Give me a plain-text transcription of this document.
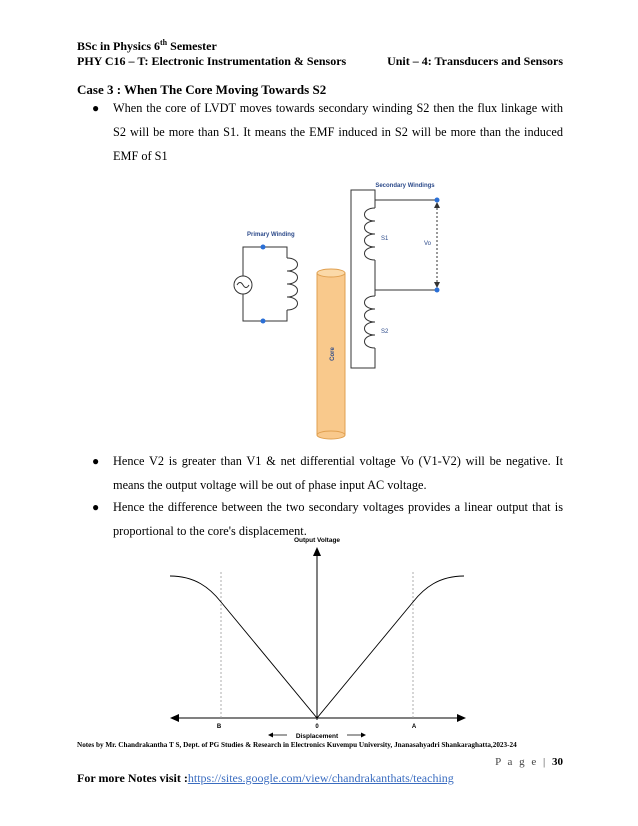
BSc in Physics 6th Semester
PHY C16 – T: Electronic Instrumentation & Sensors	Unit – 4: Transducers and Sensors
Case 3 : When The Core Moving Towards S2
● When the core of LVDT moves towards secondary winding S2 then the flux linkage with S2 will be more than S1. It means the EMF induced in S2 will be more than the induced EMF of S1
Secondary Windings
Primary Winding
Core
S1
S2
Vo
● Hence V2 is greater than V1 & net differential voltage Vo (V1-V2) will be negative. It means the output voltage will be out of phase input AC voltage.
● Hence the difference between the two secondary voltages provides a linear output that is proportional to the core's displacement.
Output Voltage
B	0	A
Displacement
Notes by Mr. Chandrakantha T S, Dept. of PG Studies & Research in Electronics Kuvempu University, Jnanasahyadri Shankaraghatta,2023-24
P a g e | 30
For more Notes visit :https://sites.google.com/view/chandrakanthats/teaching
